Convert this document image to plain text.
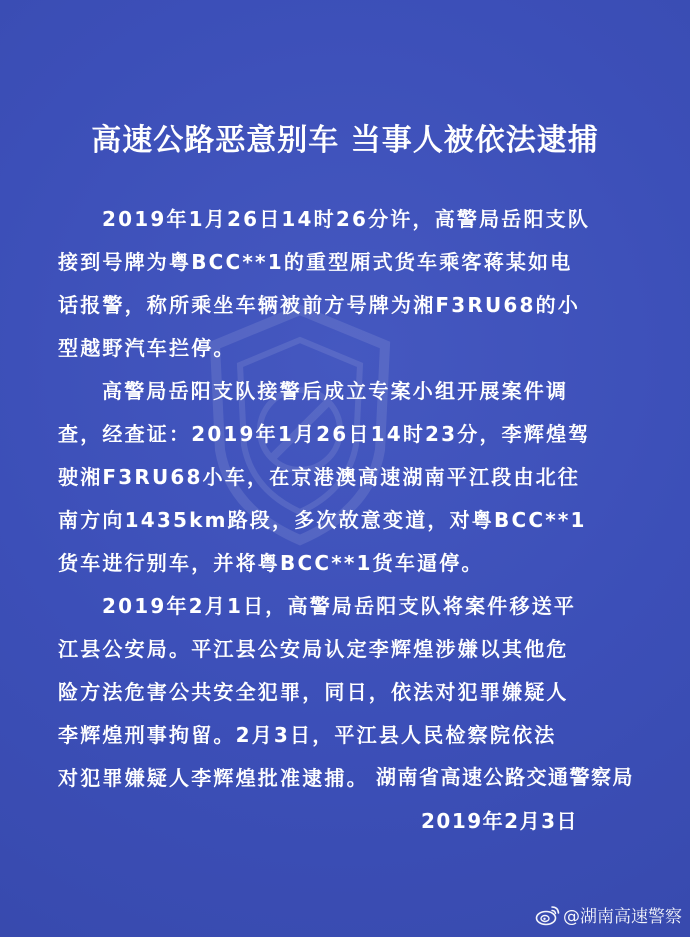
高速公路恶意别车 当事人被依法逮捕
2019年1月26日14时26分许，高警局岳阳支队
接到号牌为粤BCC**1的重型厢式货车乘客蒋某如电
话报警，称所乘坐车辆被前方号牌为湘F3RU68的小
型越野汽车拦停。
高警局岳阳支队接警后成立专案小组开展案件调
查，经查证：2019年1月26日14时23分，李辉煌驾
驶湘F3RU68小车，在京港澳高速湖南平江段由北往
南方向1435km路段，多次故意变道，对粤BCC**1
货车进行别车，并将粤BCC**1货车逼停。
2019年2月1日，高警局岳阳支队将案件移送平
江县公安局。平江县公安局认定李辉煌涉嫌以其他危
险方法危害公共安全犯罪，同日，依法对犯罪嫌疑人
李辉煌刑事拘留。2月3日，平江县人民检察院依法
对犯罪嫌疑人李辉煌批准逮捕。 湖南省高速公路交通警察局
2019年2月3日
@湖南高速警察
